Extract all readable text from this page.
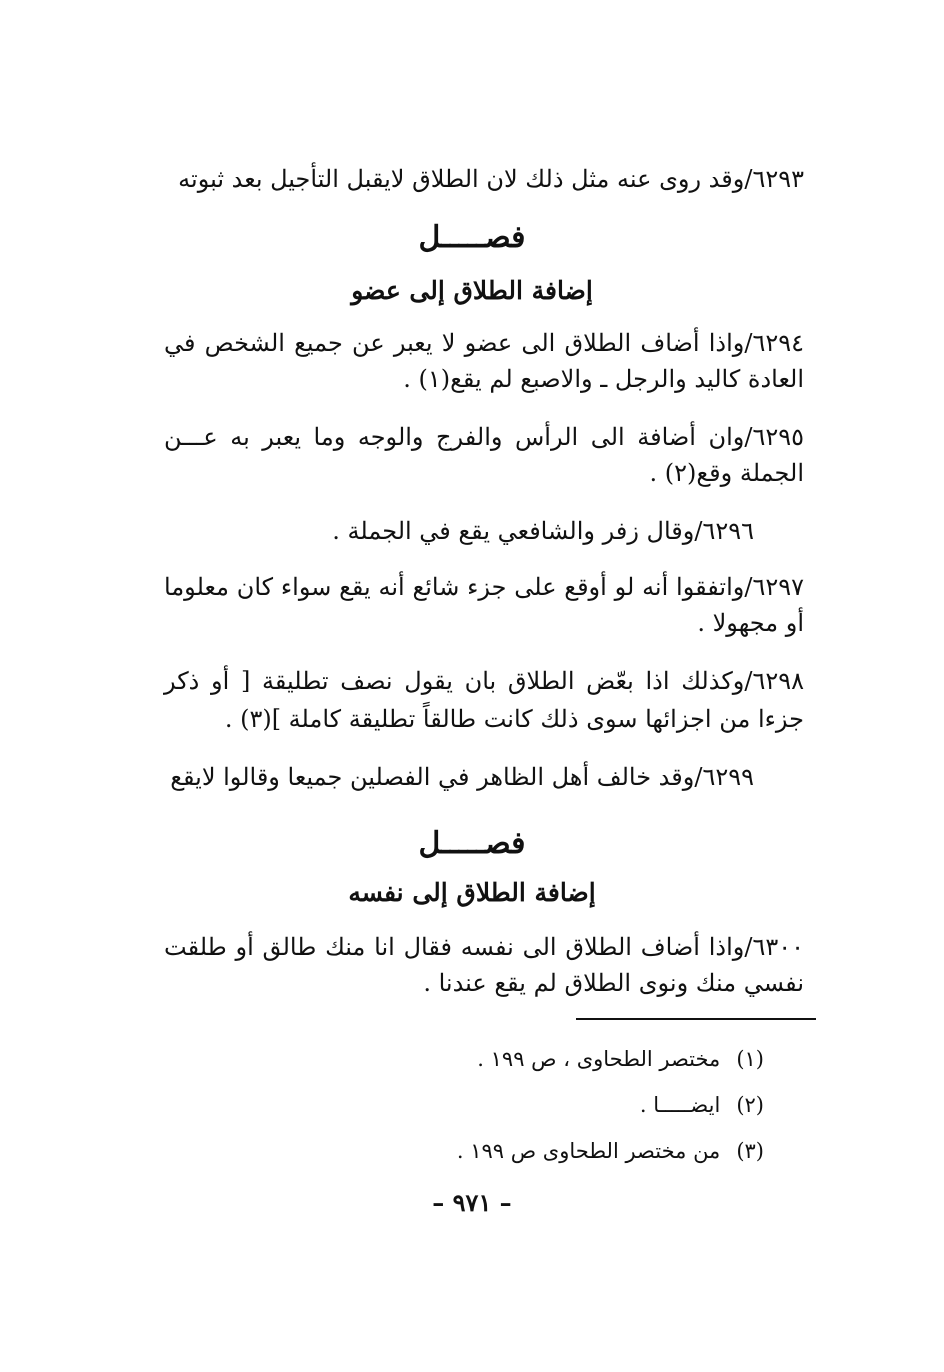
٦٢٩٣/وقد روى عنه مثل ذلك لان الطلاق لايقبل التأجيل بعد ثبوته
فصـــــل
إضافة الطلاق إلى عضو
٦٢٩٤/واذا أضاف الطلاق الى عضو لا يعبر عن جميع الشخص في
العادة كاليد والرجل ـ والاصبع لم يقع(١) .
٦٢٩٥/وان أضافة الى الرأس والفرج والوجه وما يعبر به عـــن
الجملة وقع(٢) .
٦٢٩٦/وقال زفر والشافعي يقع في الجملة .
٦٢٩٧/واتفقوا أنه لو أوقع على جزء شائع أنه يقع سواء كان معلوما
أو مجهولا .
٦٢٩٨/وكذلك اذا بعّض الطلاق بان يقول نصف تطليقة [ أو ذكر
جزءا من اجزائها سوى ذلك كانت طالقاً تطليقة كاملة ](٣) .
٦٢٩٩/وقد خالف أهل الظاهر في الفصلين جميعا وقالوا لايقع
فصـــــل
إضافة الطلاق إلى نفسه
٦٣٠٠/واذا أضاف الطلاق الى نفسه فقال انا منك طالق أو طلقت
نفسي منك ونوى الطلاق لم يقع عندنا .
(١)مختصر الطحاوى ، ص ١٩٩ .
(٢)ايضـــــا .
(٣)من مختصر الطحاوى ص ١٩٩ .
– ٩٧١ –
